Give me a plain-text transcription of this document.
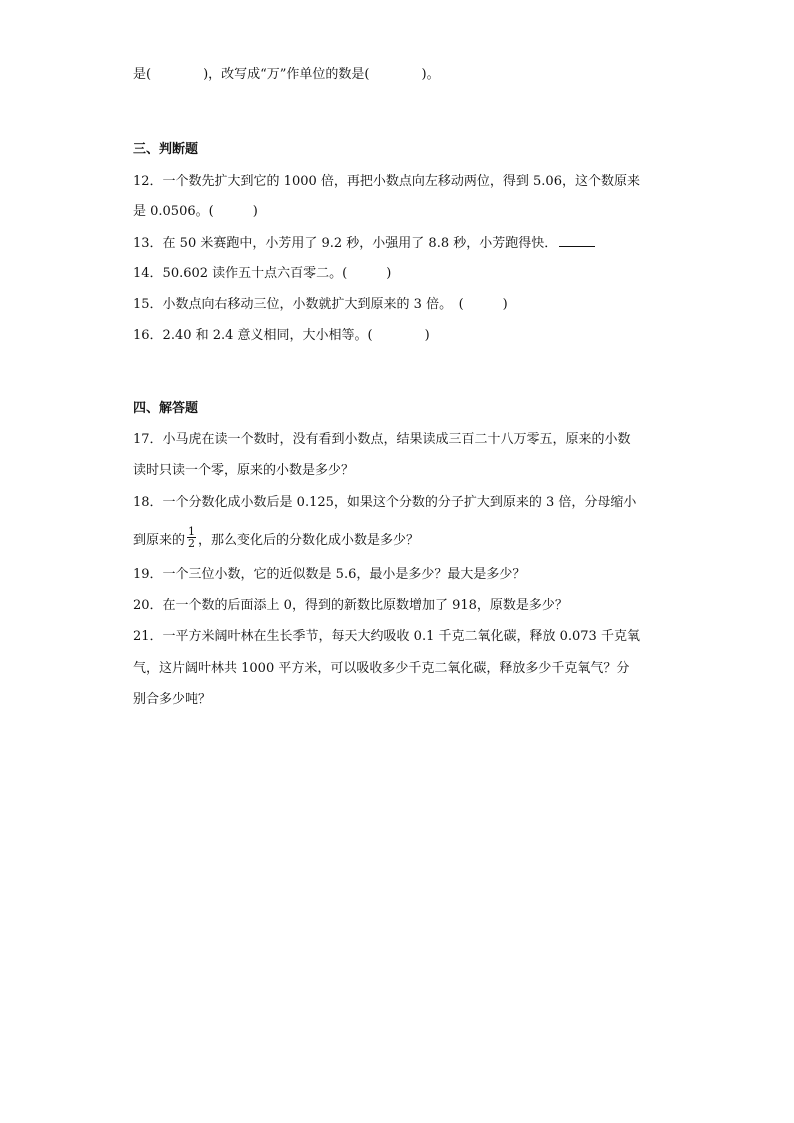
是(　　　　)，改写成“万”作单位的数是(　　　　)。
三、判断题
12．一个数先扩大到它的 1000 倍，再把小数点向左移动两位，得到 5.06，这个数原来
是 0.0506。(　　　)
13．在 50 米赛跑中，小芳用了 9.2 秒，小强用了 8.8 秒，小芳跑得快．
14．50.602 读作五十点六百零二。(　　　)
15．小数点向右移动三位，小数就扩大到原来的 3 倍。　(　　　)
16．2.40 和 2.4 意义相同，大小相等。(　　　　)
四、解答题
17．小马虎在读一个数时，没有看到小数点，结果读成三百二十八万零五，原来的小数
读时只读一个零，原来的小数是多少？
18．一个分数化成小数后是 0.125，如果这个分数的分子扩大到原来的 3 倍，分母缩小
到原来的 $\frac{1}{2}$ ，那么变化后的分数化成小数是多少？
19．一个三位小数，它的近似数是 5.6，最小是多少？最大是多少？
20．在一个数的后面添上 0，得到的新数比原数增加了 918，原数是多少？
21．一平方米阔叶林在生长季节，每天大约吸收 0.1 千克二氧化碳，释放 0.073 千克氧
气，这片阔叶林共 1000 平方米，可以吸收多少千克二氧化碳，释放多少千克氧气？分
别合多少吨？
